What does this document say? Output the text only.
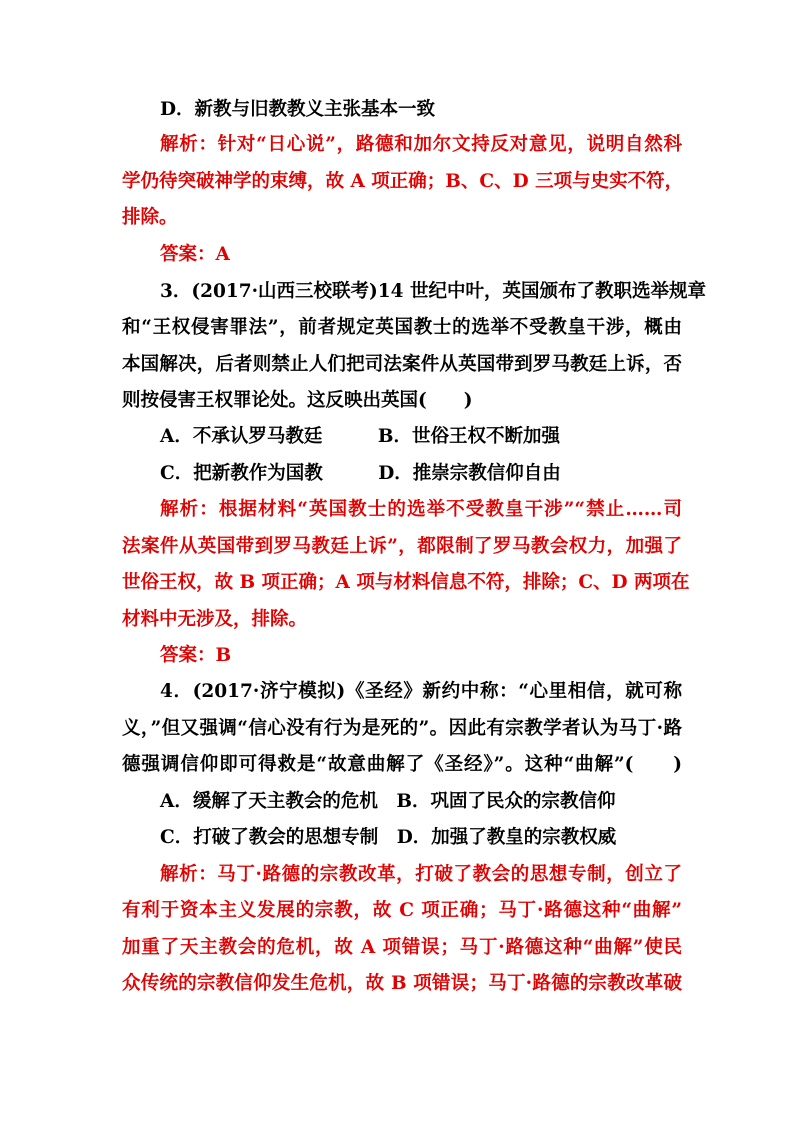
D．新教与旧教教义主张基本一致
解析：针对“日心说”，路德和加尔文持反对意见，说明自然科
学仍待突破神学的束缚，故 A 项正确；B、C、D 三项与史实不符，
排除。
答案：A
3．(2017·山西三校联考)14 世纪中叶，英国颁布了教职选举规章
和“王权侵害罪法”，前者规定英国教士的选举不受教皇干涉，概由
本国解决，后者则禁止人们把司法案件从英国带到罗马教廷上诉，否
则按侵害王权罪论处。这反映出英国(　　)
A．不承认罗马教廷　　　B．世俗王权不断加强
C．把新教作为国教　　　D．推崇宗教信仰自由
解析：根据材料“英国教士的选举不受教皇干涉”“禁止……司
法案件从英国带到罗马教廷上诉”，都限制了罗马教会权力，加强了
世俗王权，故 B 项正确；A 项与材料信息不符，排除；C、D 两项在
材料中无涉及，排除。
答案：B
4．(2017·济宁模拟)《圣经》新约中称：“心里相信，就可称
义，”但又强调“信心没有行为是死的”。因此有宗教学者认为马丁·路
德强调信仰即可得救是“故意曲解了《圣经》”。这种“曲解”(　　)
A．缓解了天主教会的危机　B．巩固了民众的宗教信仰
C．打破了教会的思想专制　D．加强了教皇的宗教权威
解析：马丁·路德的宗教改革，打破了教会的思想专制，创立了
有利于资本主义发展的宗教，故 C 项正确；马丁·路德这种“曲解”
加重了天主教会的危机，故 A 项错误；马丁·路德这种“曲解”使民
众传统的宗教信仰发生危机，故 B 项错误；马丁·路德的宗教改革破
